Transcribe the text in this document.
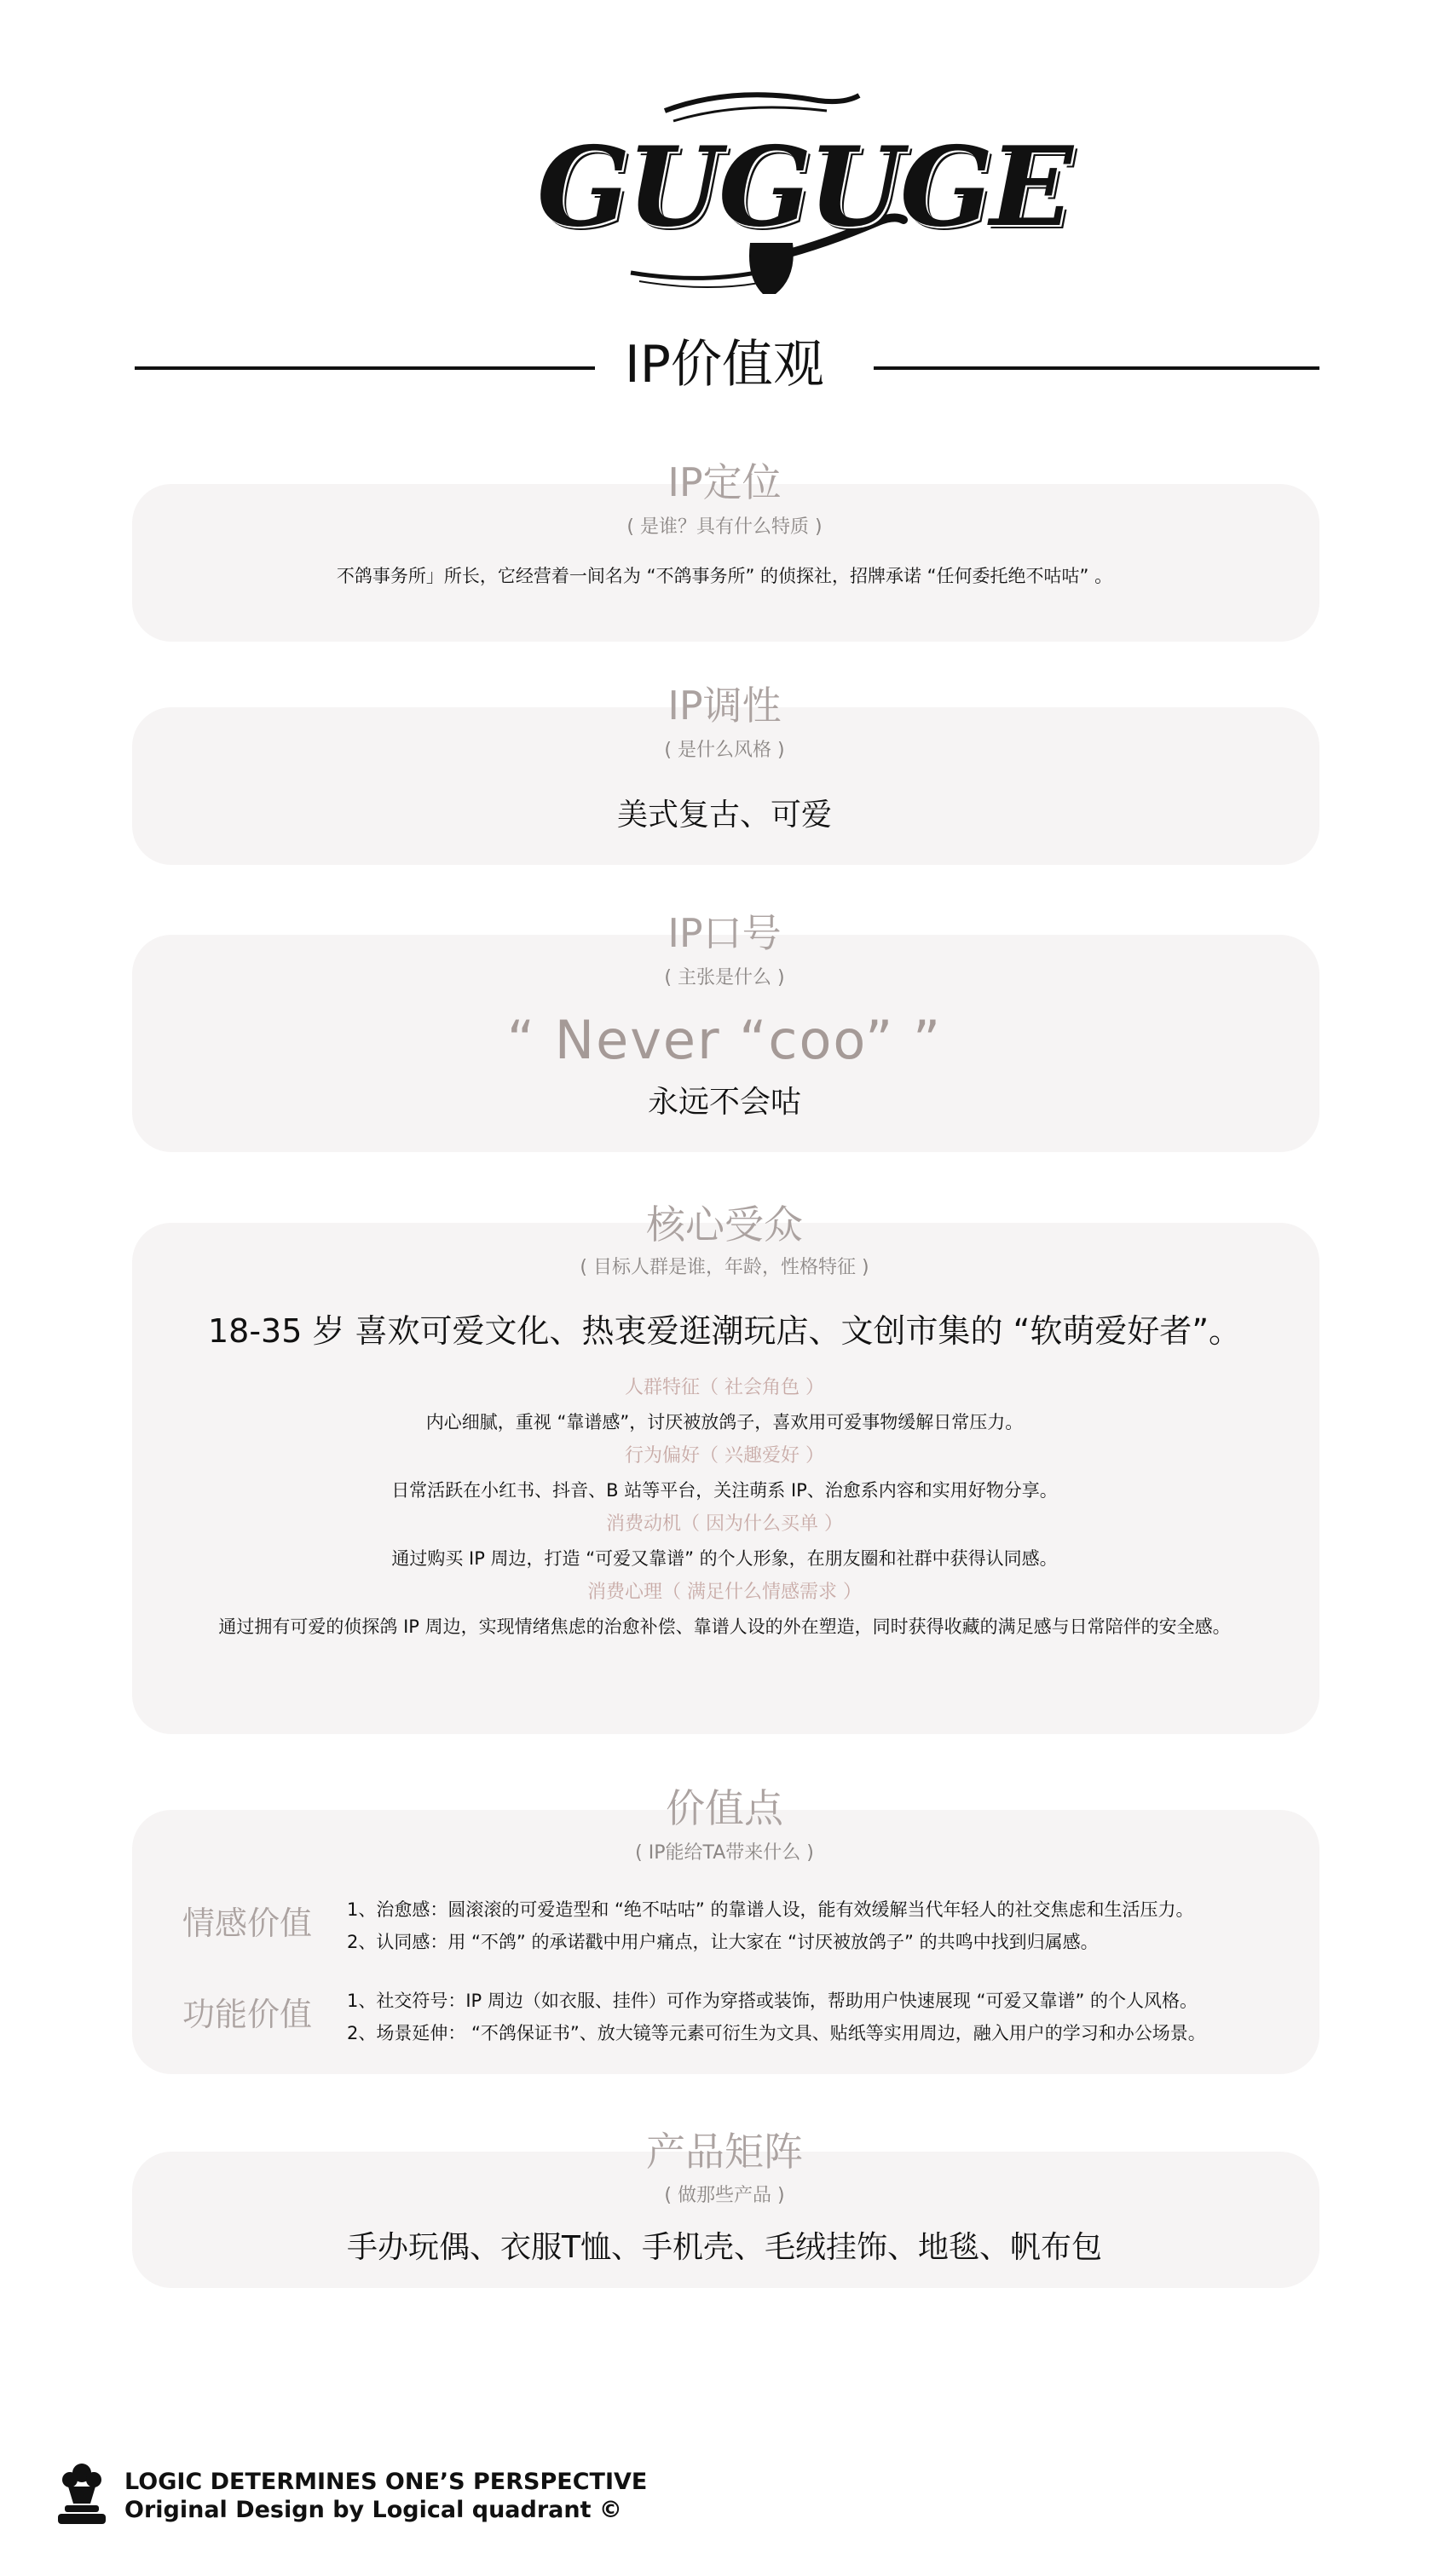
GUGUGE
IP价值观
IP定位
( 是谁？具有什么特质 )
不鸽事务所」所长，它经营着一间名为 “不鸽事务所” 的侦探社，招牌承诺 “任何委托绝不咕咕” 。
IP调性
( 是什么风格 )
美式复古、可爱
IP口号
( 主张是什么 )
“ Never “coo” ”
永远不会咕
核心受众
( 目标人群是谁，年龄，性格特征 )
18-35 岁 喜欢可爱文化、热衷爱逛潮玩店、文创市集的 “软萌爱好者”。
人群特征（ 社会角色 ）
内心细腻，重视 “靠谱感”，讨厌被放鸽子，喜欢用可爱事物缓解日常压力。
行为偏好（ 兴趣爱好 ）
日常活跃在小红书、抖音、B 站等平台，关注萌系 IP、治愈系内容和实用好物分享。
消费动机（ 因为什么买单 ）
通过购买 IP 周边，打造 “可爱又靠谱” 的个人形象，在朋友圈和社群中获得认同感。
消费心理（ 满足什么情感需求 ）
通过拥有可爱的侦探鸽 IP 周边，实现情绪焦虑的治愈补偿、靠谱人设的外在塑造，同时获得收藏的满足感与日常陪伴的安全感。
价值点
( IP能给TA带来什么 )
情感价值	1、治愈感：圆滚滚的可爱造型和 “绝不咕咕” 的靠谱人设，能有效缓解当代年轻人的社交焦虑和生活压力。
2、认同感：用 “不鸽” 的承诺戳中用户痛点，让大家在 “讨厌被放鸽子” 的共鸣中找到归属感。
功能价值	1、社交符号：IP 周边（如衣服、挂件）可作为穿搭或装饰，帮助用户快速展现 “可爱又靠谱” 的个人风格。
2、场景延伸： “不鸽保证书”、放大镜等元素可衍生为文具、贴纸等实用周边，融入用户的学习和办公场景。
产品矩阵
( 做那些产品 )
手办玩偶、衣服T恤、手机壳、毛绒挂饰、地毯、帆布包
LOGIC DETERMINES ONE’S PERSPECTIVE
Original Design by Logical quadrant ©
